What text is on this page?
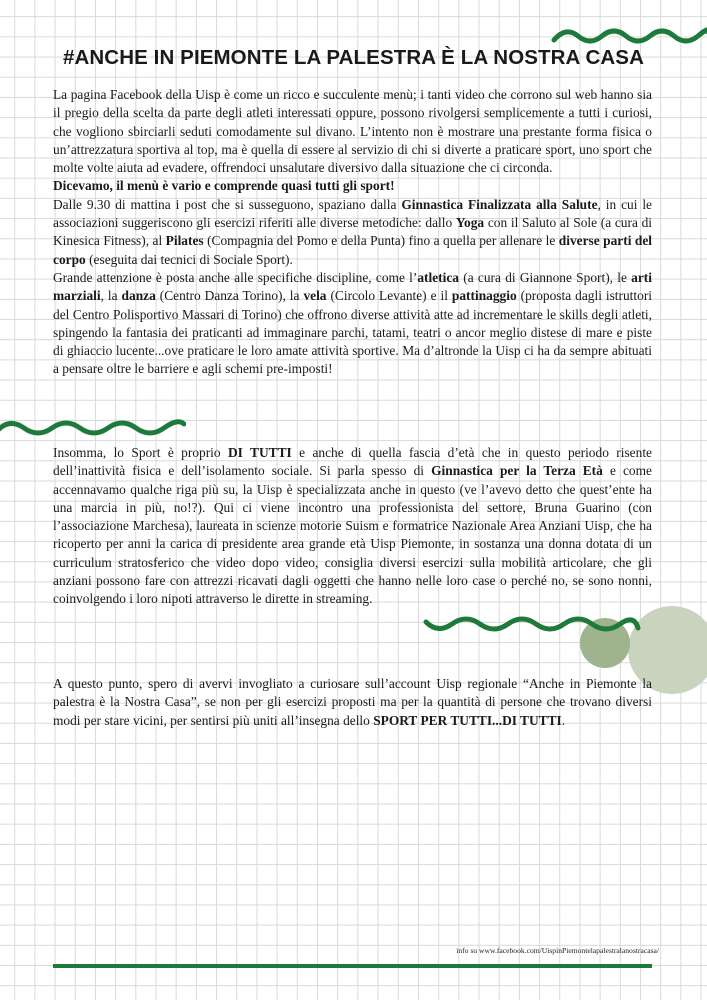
#ANCHE IN PIEMONTE LA PALESTRA È LA NOSTRA CASA

La pagina Facebook della Uisp è come un ricco e succulente menù; i tanti video che corrono sul web hanno sia il pregio della scelta da parte degli atleti interessati oppure, possono rivolgersi semplicemente a tutti i curiosi, che vogliono sbirciarli seduti comodamente sul divano. L’intento non è mostrare una prestante forma fisica o un’attrezzatura sportiva al top, ma è quella di essere al servizio di chi si diverte a praticare sport, uno sport che molte volte aiuta ad evadere, offrendoci unsalutare diversivo dalla situazione che ci circonda.
Dicevamo, il menù è vario e comprende quasi tutti gli sport!
Dalle 9.30 di mattina i post che si susseguono, spaziano dalla Ginnastica Finalizzata alla Salute, in cui le associazioni suggeriscono gli esercizi riferiti alle diverse metodiche: dallo Yoga con il Saluto al Sole (a cura di Kinesica Fitness), al Pilates (Compagnia del Pomo e della Punta) fino a quella per allenare le diverse parti del corpo (eseguita dai tecnici di Sociale Sport).
Grande attenzione è posta anche alle specifiche discipline, come l’atletica (a cura di Giannone Sport), le arti marziali, la danza (Centro Danza Torino), la vela (Circolo Levante) e il pattinaggio (proposta dagli istruttori del Centro Polisportivo Massari di Torino) che offrono diverse attività atte ad incrementare le skills degli atleti, spingendo la fantasia dei praticanti ad immaginare parchi, tatami, teatri o ancor meglio distese di mare e piste di ghiaccio lucente...ove praticare le loro amate attività sportive. Ma d’altronde la Uisp ci ha da sempre abituati a pensare oltre le barriere e agli schemi pre-imposti!

Insomma, lo Sport è proprio DI TUTTI e anche di quella fascia d’età che in questo periodo risente dell’inattività fisica e dell’isolamento sociale. Si parla spesso di Ginnastica per la Terza Età e come accennavamo qualche riga più su, la Uisp è specializzata anche in questo (ve l’avevo detto che quest’ente ha una marcia in più, no!?). Qui ci viene incontro una professionista del settore, Bruna Guarino (con l’associazione Marchesa), laureata in scienze motorie Suism e formatrice Nazionale Area Anziani Uisp, che ha ricoperto per anni la carica di presidente area grande età Uisp Piemonte, in sostanza una donna dotata di un curriculum stratosferico che video dopo video, consiglia diversi esercizi sulla mobilità articolare, che gli anziani possono fare con attrezzi ricavati dagli oggetti che hanno nelle loro case o perché no, se sono nonni, coinvolgendo i loro nipoti attraverso le dirette in streaming.

A questo punto, spero di avervi invogliato a curiosare sull’account Uisp regionale “Anche in Piemonte la palestra è la Nostra Casa”, se non per gli esercizi proposti ma per la quantità di persone che trovano diversi modi per stare vicini, per sentirsi più uniti all’insegna dello SPORT PER TUTTI...DI TUTTI.

info su www.facebook.com/UispinPiemontelapalestralanostracasa/
